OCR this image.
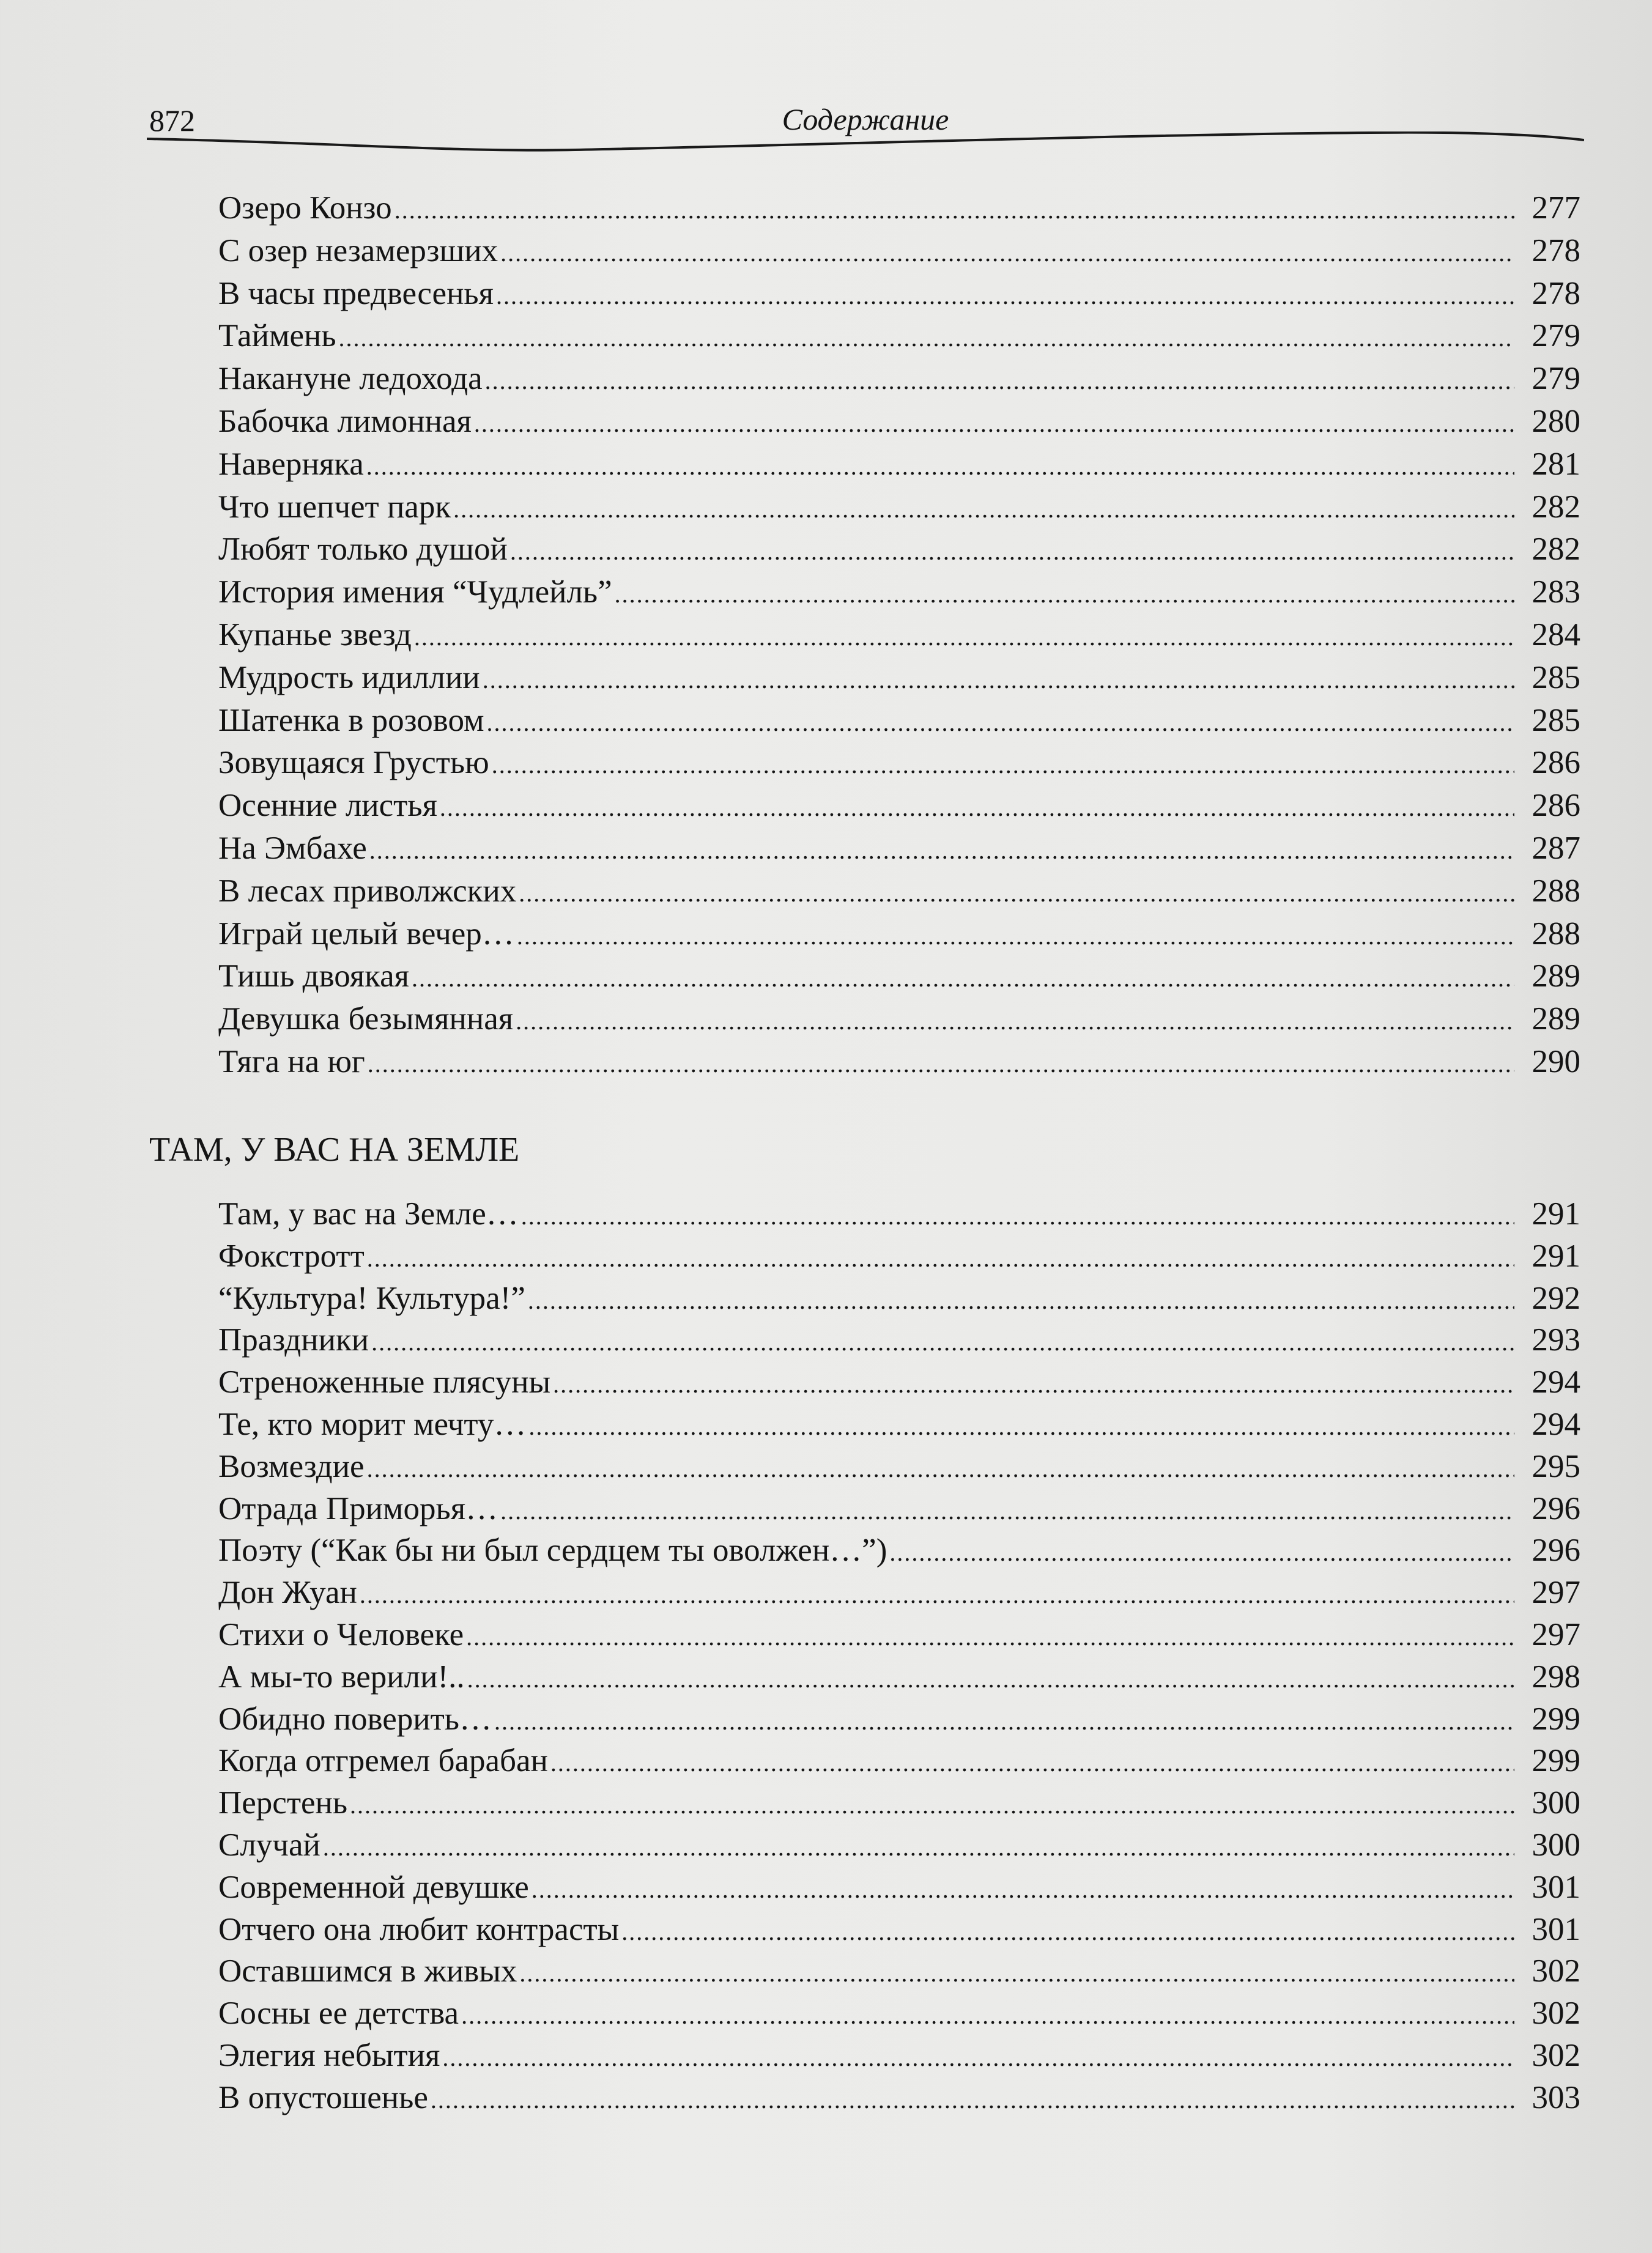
872	Содержание
Озеро Конзо .....	277
С озер незамерзших .....	278
В часы предвесенья .....	278
Таймень .....	279
Накануне ледохода .....	279
Бабочка лимонная .....	280
Наверняка .....	281
Что шепчет парк .....	282
Любят только душой .....	282
История имения “Чудлейль” .....	283
Купанье звезд .....	284
Мудрость идиллии .....	285
Шатенка в розовом .....	285
Зовущаяся Грустью .....	286
Осенние листья .....	286
На Эмбахе .....	287
В лесах приволжских .....	288
Играй целый вечер… .....	288
Тишь двоякая .....	289
Девушка безымянная .....	289
Тяга на юг .....	290
ТАМ, У ВАС НА ЗЕМЛЕ
Там, у вас на Земле… .....	291
Фокстротт .....	291
“Культура! Культура!” .....	292
Праздники .....	293
Стреноженные плясуны .....	294
Те, кто морит мечту… .....	294
Возмездие .....	295
Отрада Приморья… .....	296
Поэту (“Как бы ни был сердцем ты оволжен…”) .....	296
Дон Жуан .....	297
Стихи о Человеке .....	297
А мы-то верили!.. .....	298
Обидно поверить… .....	299
Когда отгремел барабан .....	299
Перстень .....	300
Случай .....	300
Современной девушке .....	301
Отчего она любит контрасты .....	301
Оставшимся в живых .....	302
Сосны ее детства .....	302
Элегия небытия .....	302
В опустошенье .....	303
